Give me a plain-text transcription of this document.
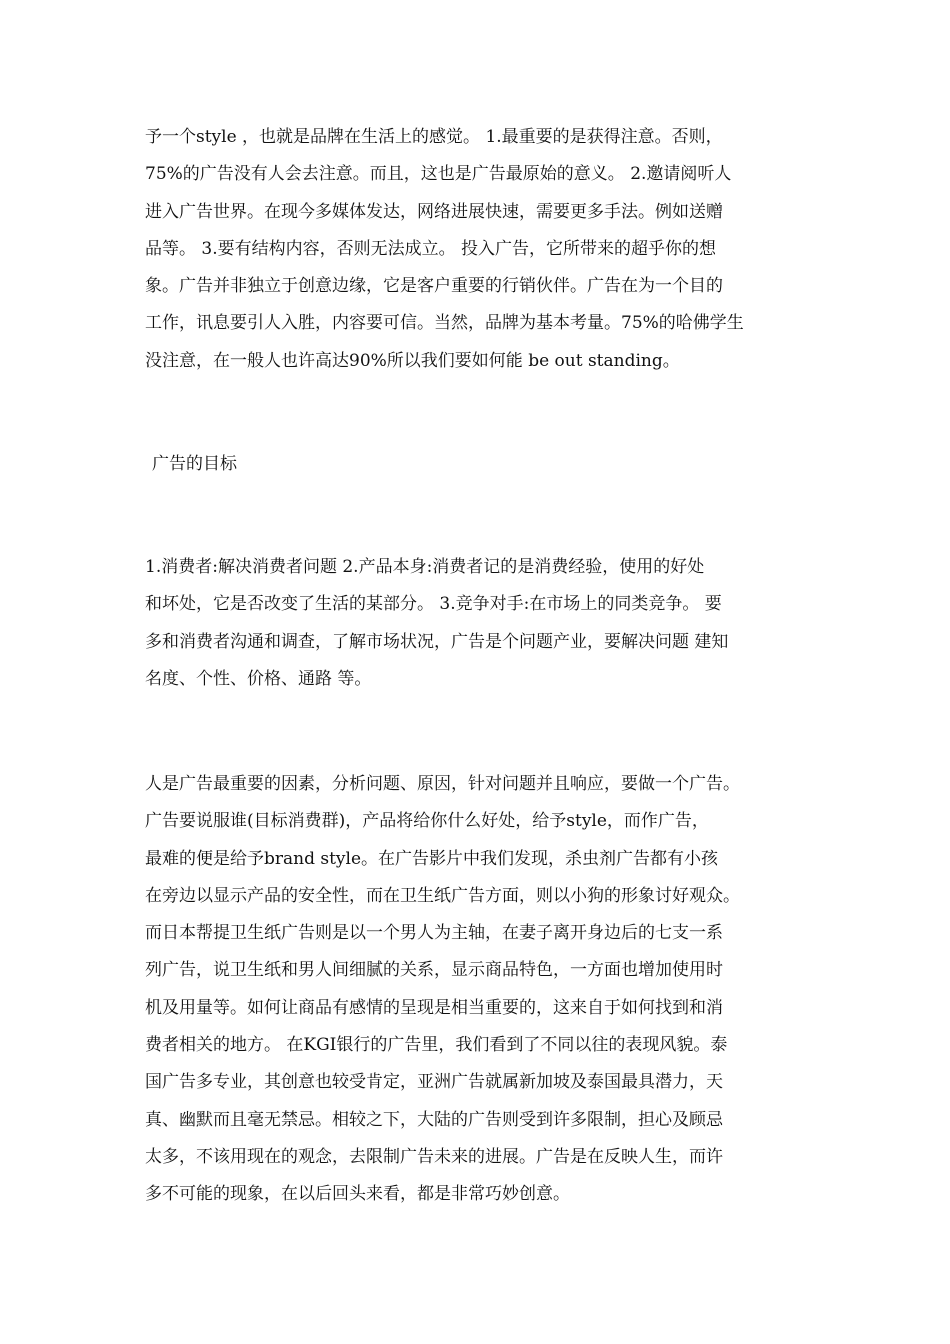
予一个style ，也就是品牌在生活上的感觉。 1.最重要的是获得注意。否则，
75%的广告没有人会去注意。而且，这也是广告最原始的意义。 2.邀请阅听人
进入广告世界。在现今多媒体发达，网络进展快速，需要更多手法。例如送赠
品等。 3.要有结构内容，否则无法成立。 投入广告，它所带来的超乎你的想
象。广告并非独立于创意边缘，它是客户重要的行销伙伴。广告在为一个目的
工作，讯息要引人入胜，内容要可信。当然，品牌为基本考量。75%的哈佛学生
没注意，在一般人也许高达90%所以我们要如何能 be out standing。
广告的目标
1.消费者:解决消费者问题 2.产品本身:消费者记的是消费经验，使用的好处
和坏处，它是否改变了生活的某部分。 3.竞争对手:在市场上的同类竞争。 要
多和消费者沟通和调查，了解市场状况，广告是个问题产业，要解决问题 建知
名度、个性、价格、通路 等。
人是广告最重要的因素，分析问题、原因，针对问题并且响应，要做一个广告。
广告要说服谁(目标消费群)，产品将给你什么好处，给予style，而作广告，
最难的便是给予brand style。在广告影片中我们发现，杀虫剂广告都有小孩
在旁边以显示产品的安全性，而在卫生纸广告方面，则以小狗的形象讨好观众。
而日本帮提卫生纸广告则是以一个男人为主轴，在妻子离开身边后的七支一系
列广告，说卫生纸和男人间细腻的关系，显示商品特色，一方面也增加使用时
机及用量等。如何让商品有感情的呈现是相当重要的，这来自于如何找到和消
费者相关的地方。 在KGI银行的广告里，我们看到了不同以往的表现风貌。泰
国广告多专业，其创意也较受肯定，亚洲广告就属新加坡及泰国最具潜力，天
真、幽默而且毫无禁忌。相较之下，大陆的广告则受到许多限制，担心及顾忌
太多，不该用现在的观念，去限制广告未来的进展。广告是在反映人生，而许
多不可能的现象，在以后回头来看，都是非常巧妙创意。
